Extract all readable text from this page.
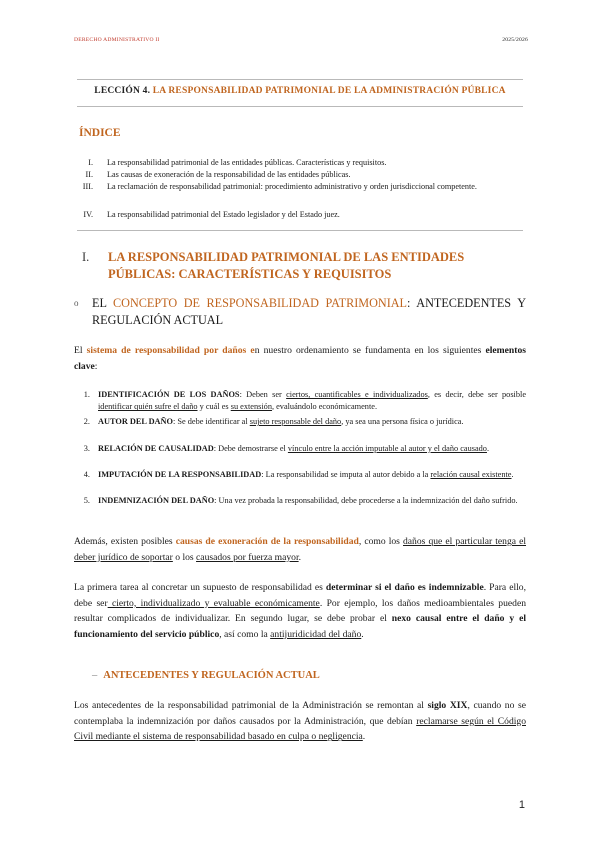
DERECHO ADMINISTRATIVO II	2025/2026
LECCIÓN 4. LA RESPONSABILIDAD PATRIMONIAL DE LA ADMINISTRACIÓN PÚBLICA
ÍNDICE
I. La responsabilidad patrimonial de las entidades públicas. Características y requisitos.
II. Las causas de exoneración de la responsabilidad de las entidades públicas.
III. La reclamación de responsabilidad patrimonial: procedimiento administrativo y orden jurisdiccional competente.
IV. La responsabilidad patrimonial del Estado legislador y del Estado juez.
I. LA RESPONSABILIDAD PATRIMONIAL DE LAS ENTIDADES PÚBLICAS: CARACTERÍSTICAS Y REQUISITOS
o EL CONCEPTO DE RESPONSABILIDAD PATRIMONIAL: ANTECEDENTES Y REGULACIÓN ACTUAL
El sistema de responsabilidad por daños en nuestro ordenamiento se fundamenta en los siguientes elementos clave:
1. IDENTIFICACIÓN DE LOS DAÑOS: Deben ser ciertos, cuantificables e individualizados, es decir, debe ser posible identificar quién sufre el daño y cuál es su extensión, evaluándolo económicamente.
2. AUTOR DEL DAÑO: Se debe identificar al sujeto responsable del daño, ya sea una persona física o jurídica.
3. RELACIÓN DE CAUSALIDAD: Debe demostrarse el vínculo entre la acción imputable al autor y el daño causado.
4. IMPUTACIÓN DE LA RESPONSABILIDAD: La responsabilidad se imputa al autor debido a la relación causal existente.
5. INDEMNIZACIÓN DEL DAÑO: Una vez probada la responsabilidad, debe procederse a la indemnización del daño sufrido.
Además, existen posibles causas de exoneración de la responsabilidad, como los daños que el particular tenga el deber jurídico de soportar o los causados por fuerza mayor.
La primera tarea al concretar un supuesto de responsabilidad es determinar si el daño es indemnizable. Para ello, debe ser cierto, individualizado y evaluable económicamente. Por ejemplo, los daños medioambientales pueden resultar complicados de individualizar. En segundo lugar, se debe probar el nexo causal entre el daño y el funcionamiento del servicio público, así como la antijuridicidad del daño.
– ANTECEDENTES Y REGULACIÓN ACTUAL
Los antecedentes de la responsabilidad patrimonial de la Administración se remontan al siglo XIX, cuando no se contemplaba la indemnización por daños causados por la Administración, que debían reclamarse según el Código Civil mediante el sistema de responsabilidad basado en culpa o negligencia.
1
